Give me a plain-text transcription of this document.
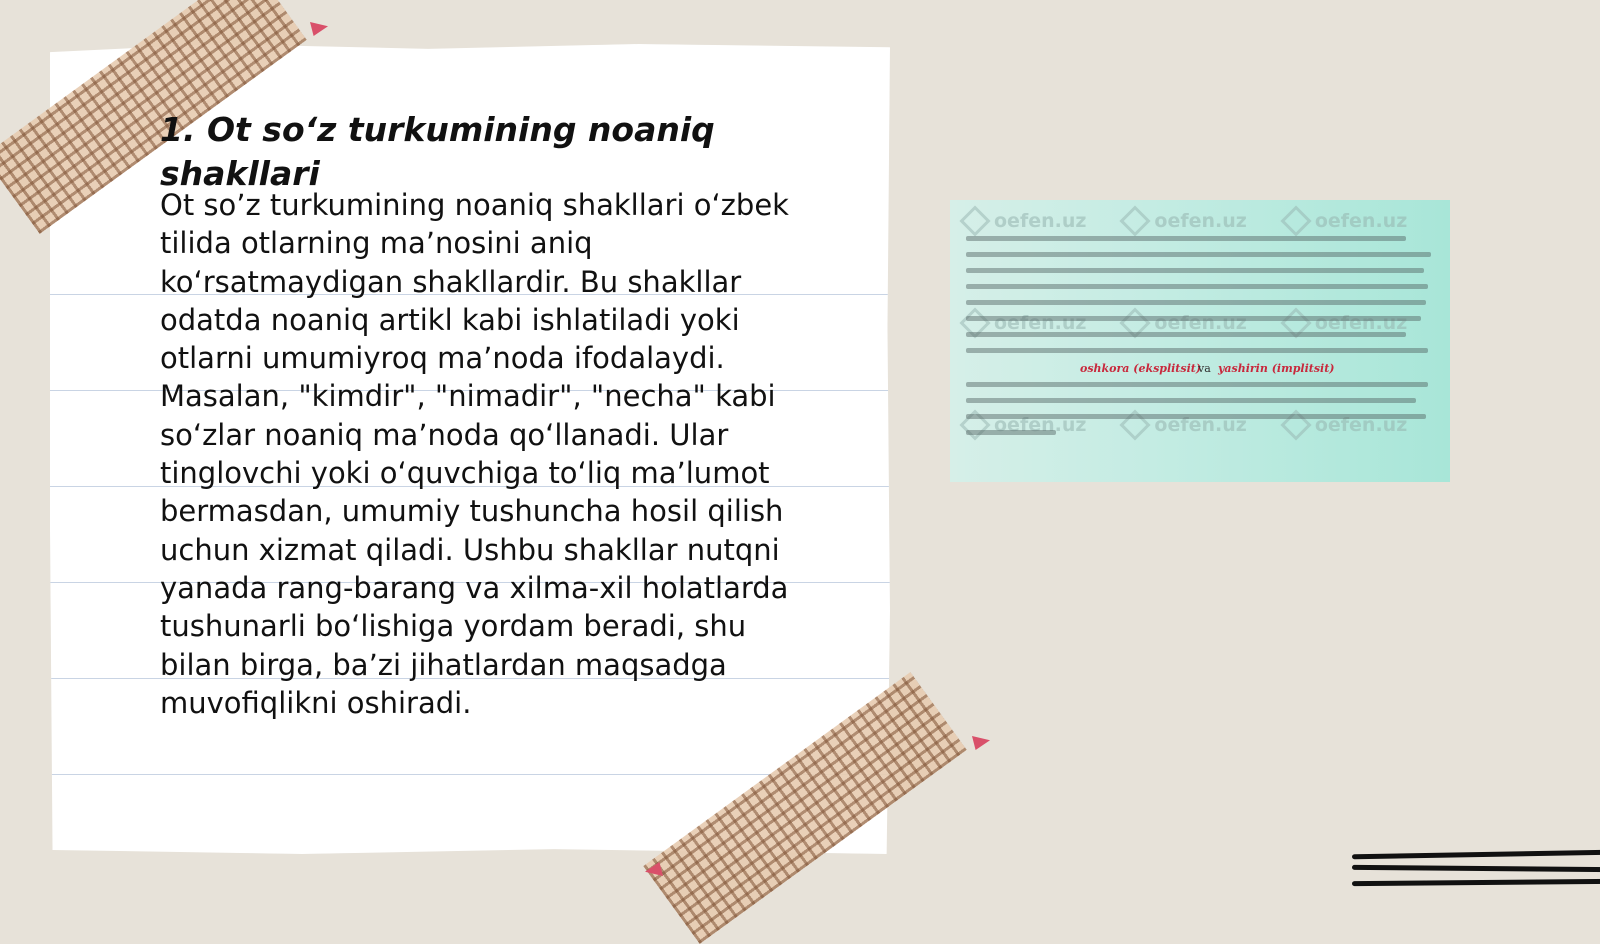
1. Ot so‘z turkumining noaniq shakllari

Ot so’z turkumining noaniq shakllari o‘zbek tilida otlarning ma’nosini aniq ko‘rsatmaydigan shakllardir. Bu shakllar odatda noaniq artikl kabi ishlatiladi yoki otlarni umumiyroq ma’noda ifodalaydi. Masalan, "kimdir", "nimadir", "necha" kabi so‘zlar noaniq ma’noda qo‘llanadi. Ular tinglovchi yoki o‘quvchiga to‘liq ma’lumot bermasdan, umumiy tushuncha hosil qilish uchun xizmat qiladi. Ushbu shakllar nutqni yanada rang-barang va xilma-xil holatlarda tushunarli bo‘lishiga yordam beradi, shu bilan birga, ba’zi jihatlardan maqsadga muvofiqlikni oshiradi.

oefen.uz	oefen.uz	oefen.uz
oefen.uz	oefen.uz	oefen.uz
oefen.uz	oefen.uz	oefen.uz
oshkora (eksplitsit)
va yashirin (implitsit)
